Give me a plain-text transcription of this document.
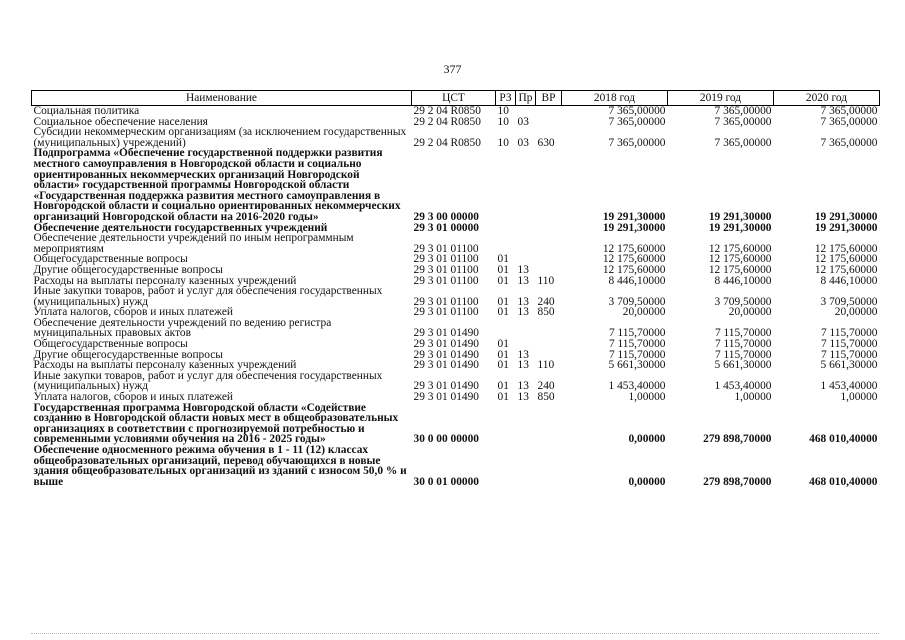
377
Наименование	ЦСТ	РЗ	Пр	ВР	2018 год	2019 год	2020 год
Социальная политика	29 2 04 R0850	10			7 365,00000	7 365,00000	7 365,00000
Социальное обеспечение населения	29 2 04 R0850	10	03		7 365,00000	7 365,00000	7 365,00000
Субсидии некоммерческим организациям (за исключением государственных (муниципальных) учреждений)	29 2 04 R0850	10	03	630	7 365,00000	7 365,00000	7 365,00000
Подпрограмма «Обеспечение государственной поддержки развития местного самоуправления в Новгородской области и социально ориентированных некоммерческих организаций Новгородской области» государственной программы Новгородской области «Государственная поддержка развития местного самоуправления в Новгородской области и социально ориентированных некоммерческих организаций Новгородской области на 2016-2020 годы»	29 3 00 00000				19 291,30000	19 291,30000	19 291,30000
Обеспечение деятельности государственных учреждений	29 3 01 00000				19 291,30000	19 291,30000	19 291,30000
Обеспечение деятельности учреждений по иным непрограммным мероприятиям	29 3 01 01100				12 175,60000	12 175,60000	12 175,60000
Общегосударственные вопросы	29 3 01 01100	01			12 175,60000	12 175,60000	12 175,60000
Другие общегосударственные вопросы	29 3 01 01100	01	13		12 175,60000	12 175,60000	12 175,60000
Расходы на выплаты персоналу казенных учреждений	29 3 01 01100	01	13	110	8 446,10000	8 446,10000	8 446,10000
Иные закупки товаров, работ и услуг для обеспечения государственных (муниципальных) нужд	29 3 01 01100	01	13	240	3 709,50000	3 709,50000	3 709,50000
Уплата налогов, сборов и иных платежей	29 3 01 01100	01	13	850	20,00000	20,00000	20,00000
Обеспечение деятельности учреждений по ведению регистра муниципальных правовых актов	29 3 01 01490				7 115,70000	7 115,70000	7 115,70000
Общегосударственные вопросы	29 3 01 01490	01			7 115,70000	7 115,70000	7 115,70000
Другие общегосударственные вопросы	29 3 01 01490	01	13		7 115,70000	7 115,70000	7 115,70000
Расходы на выплаты персоналу казенных учреждений	29 3 01 01490	01	13	110	5 661,30000	5 661,30000	5 661,30000
Иные закупки товаров, работ и услуг для обеспечения государственных (муниципальных) нужд	29 3 01 01490	01	13	240	1 453,40000	1 453,40000	1 453,40000
Уплата налогов, сборов и иных платежей	29 3 01 01490	01	13	850	1,00000	1,00000	1,00000
Государственная программа Новгородской области «Содействие созданию в Новгородской области новых мест в общеобразовательных организациях в соответствии с прогнозируемой потребностью и современными условиями обучения на 2016 - 2025 годы»	30 0 00 00000				0,00000	279 898,70000	468 010,40000
Обеспечение односменного режима обучения в 1 - 11 (12) классах общеобразовательных организаций, перевод обучающихся в новые здания общеобразовательных организаций из зданий с износом 50,0 % и выше	30 0 01 00000				0,00000	279 898,70000	468 010,40000
